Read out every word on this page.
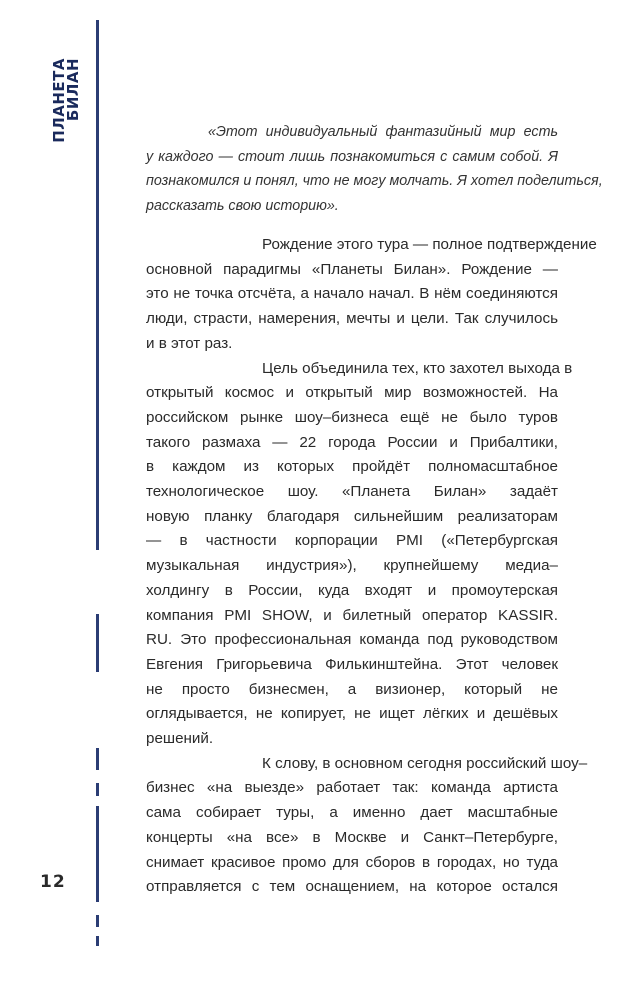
ПЛАНЕТА
БИЛАН
12

«Этот индивидуальный фантазийный мир есть
у каждого — стоит лишь познакомиться с самим собой. Я
познакомился и понял, что не могу молчать. Я хотел поделиться,
рассказать свою историю».

Рождение этого тура — полное подтверждение
основной парадигмы «Планеты Билан». Рождение —
это не точка отсчёта, а начало начал. В нём соединяются
люди, страсти, намерения, мечты и цели. Так случилось
и в этот раз.

Цель объединила тех, кто захотел выхода в
открытый космос и открытый мир возможностей. На
российском рынке шоу–бизнеса ещё не было туров
такого размаха — 22 города России и Прибалтики,
в каждом из которых пройдёт полномасштабное
технологическое шоу. «Планета Билан» задаёт
новую планку благодаря сильнейшим реализаторам
— в частности корпорации PMI («Петербургская
музыкальная индустрия»), крупнейшему медиа–
холдингу в России, куда входят и промоутерская
компания PMI SHOW, и билетный оператор KASSIR.
RU. Это профессиональная команда под руководством
Евгения Григорьевича Филькинштейна. Этот человек
не просто бизнесмен, а визионер, который не
оглядывается, не копирует, не ищет лёгких и дешёвых
решений.

К слову, в основном сегодня российский шоу–
бизнес «на выезде» работает так: команда артиста
сама собирает туры, а именно дает масштабные
концерты «на все» в Москве и Санкт–Петербурге,
снимает красивое промо для сборов в городах, но туда
отправляется с тем оснащением, на которое остался
